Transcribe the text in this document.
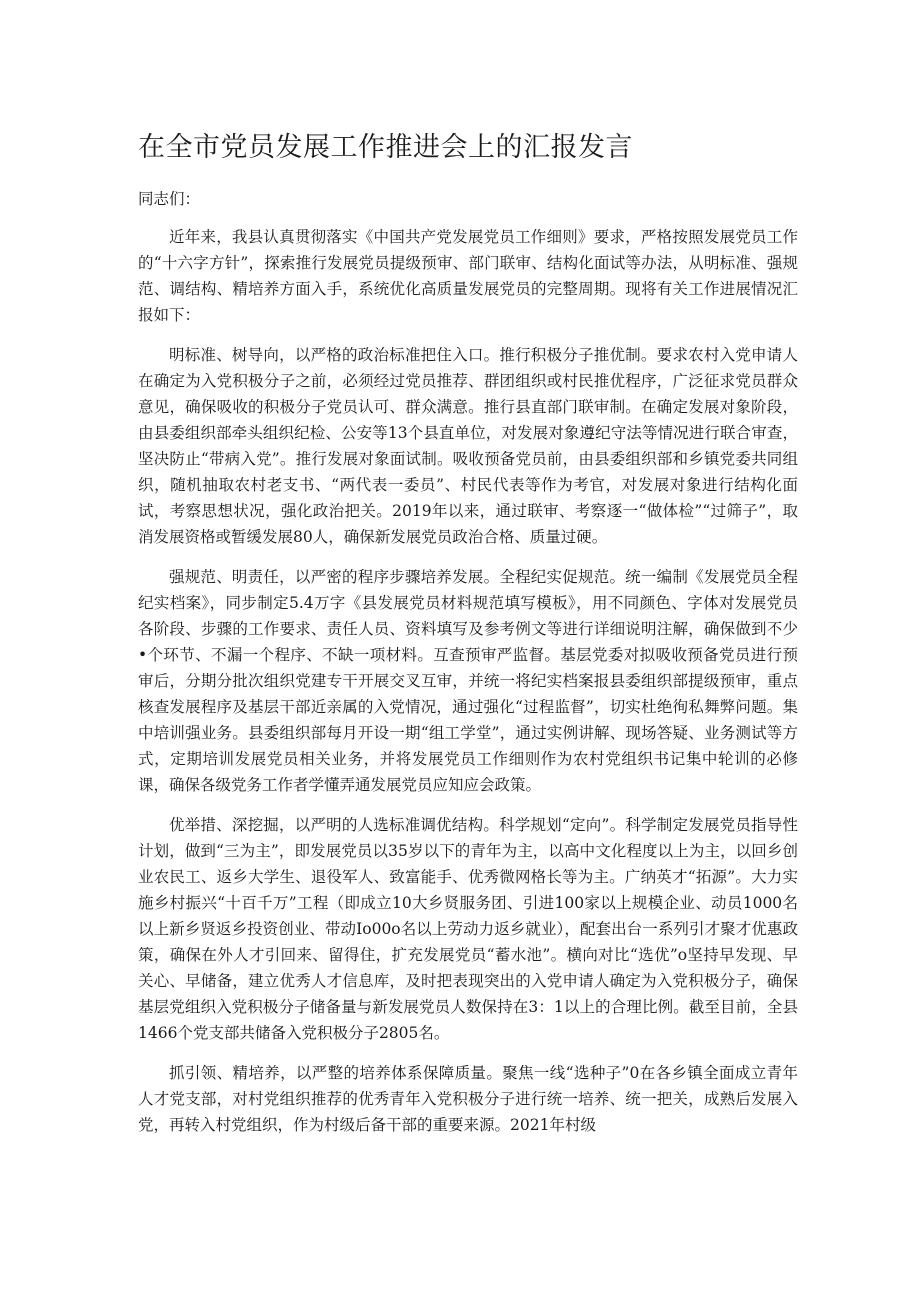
在全市党员发展工作推进会上的汇报发言

同志们：

近年来，我县认真贯彻落实《中国共产党发展党员工作细则》要求，严格按照发展党员工作的“十六字方针”，探索推行发展党员提级预审、部门联审、结构化面试等办法，从明标准、强规范、调结构、精培养方面入手，系统优化高质量发展党员的完整周期。现将有关工作进展情况汇报如下：

明标准、树导向，以严格的政治标准把住入口。推行积极分子推优制。要求农村入党申请人在确定为入党积极分子之前，必须经过党员推荐、群团组织或村民推优程序，广泛征求党员群众意见，确保吸收的积极分子党员认可、群众满意。推行县直部门联审制。在确定发展对象阶段，由县委组织部牵头组织纪检、公安等13个县直单位，对发展对象遵纪守法等情况进行联合审查，坚决防止“带病入党”。推行发展对象面试制。吸收预备党员前，由县委组织部和乡镇党委共同组织，随机抽取农村老支书、“两代表一委员”、村民代表等作为考官，对发展对象进行结构化面试，考察思想状况，强化政治把关。2019年以来，通过联审、考察逐一“做体检”“过筛子”，取消发展资格或暂缓发展80人，确保新发展党员政治合格、质量过硬。

强规范、明责任，以严密的程序步骤培养发展。全程纪实促规范。统一编制《发展党员全程纪实档案》，同步制定5.4万字《县发展党员材料规范填写模板》，用不同颜色、字体对发展党员各阶段、步骤的工作要求、责任人员、资料填写及参考例文等进行详细说明注解，确保做到不少•个环节、不漏一个程序、不缺一项材料。互查预审严监督。基层党委对拟吸收预备党员进行预审后，分期分批次组织党建专干开展交叉互审，并统一将纪实档案报县委组织部提级预审，重点核查发展程序及基层干部近亲属的入党情况，通过强化“过程监督”，切实杜绝徇私舞弊问题。集中培训强业务。县委组织部每月开设一期“组工学堂”，通过实例讲解、现场答疑、业务测试等方式，定期培训发展党员相关业务，并将发展党员工作细则作为农村党组织书记集中轮训的必修课，确保各级党务工作者学懂弄通发展党员应知应会政策。

优举措、深挖掘，以严明的人选标准调优结构。科学规划“定向”。科学制定发展党员指导性计划，做到“三为主”，即发展党员以35岁以下的青年为主，以高中文化程度以上为主，以回乡创业农民工、返乡大学生、退役军人、致富能手、优秀微网格长等为主。广纳英才“拓源”。大力实施乡村振兴“十百千万”工程（即成立10大乡贤服务团、引进100家以上规模企业、动员1000名以上新乡贤返乡投资创业、带动Io00o名以上劳动力返乡就业），配套出台一系列引才聚才优惠政策，确保在外人才引回来、留得住，扩充发展党员“蓄水池”。横向对比“选优”o坚持早发现、早关心、早储备，建立优秀人才信息库，及时把表现突出的入党申请人确定为入党积极分子，确保基层党组织入党积极分子储备量与新发展党员人数保持在3：1以上的合理比例。截至目前，全县1466个党支部共储备入党积极分子2805名。

抓引领、精培养，以严整的培养体系保障质量。聚焦一线“选种子”0在各乡镇全面成立青年人才党支部，对村党组织推荐的优秀青年入党积极分子进行统一培养、统一把关，成熟后发展入党，再转入村党组织，作为村级后备干部的重要来源。2021年村级
